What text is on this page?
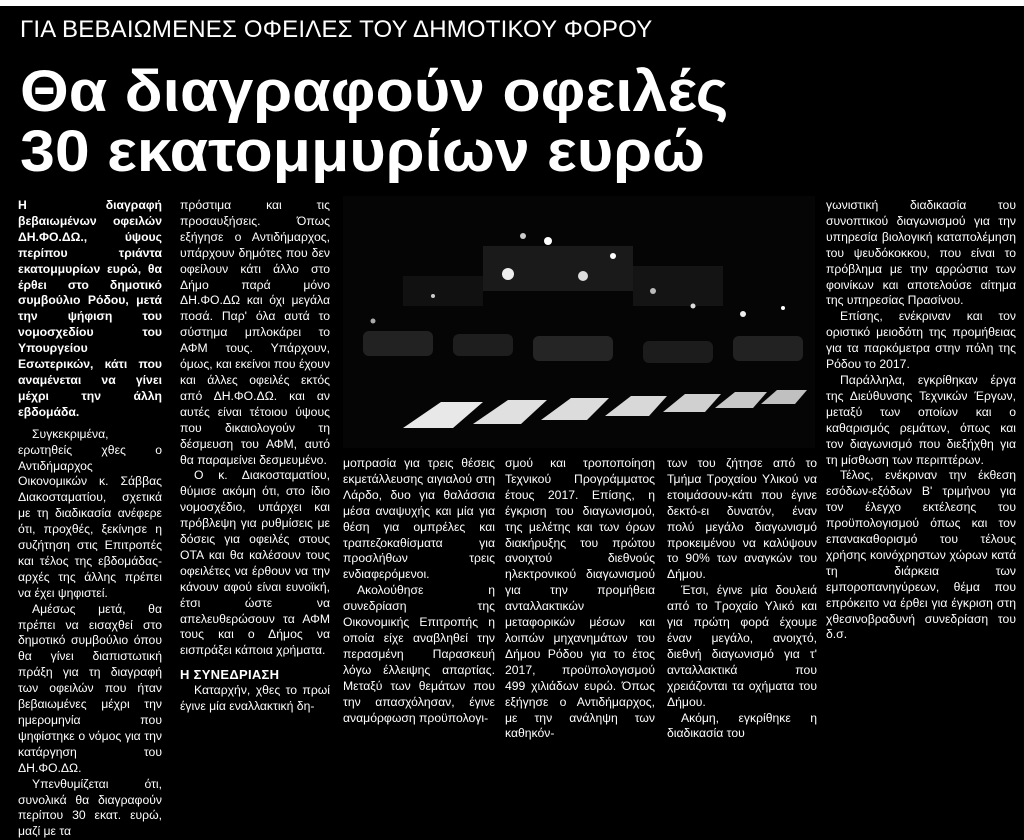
ΓΙΑ ΒΕΒΑΙΩΜΕΝΕΣ ΟΦΕΙΛΕΣ ΤΟΥ ΔΗΜΟΤΙΚΟΥ ΦΟΡΟΥ
Θα διαγραφούν οφειλές
30 εκατομμυρίων ευρώ

Η διαγραφή βεβαιωμένων οφειλών ΔΗ.ΦΟ.ΔΩ., ύψους περίπου τριάντα εκατομμυρίων ευρώ, θα έρθει στο δημοτικό συμβούλιο Ρόδου, μετά την ψήφιση του νομοσχεδίου του Υπουργείου Εσωτερικών, κάτι που αναμένεται να γίνει μέχρι την άλλη εβδομάδα.

Συγκεκριμένα, ερωτηθείς χθες ο Αντιδήμαρχος Οικονομικών κ. Σάββας Διακοσταματίου, σχετικά με τη διαδικασία ανέφερε ότι, προχθές, ξεκίνησε η συζήτηση στις Επιτροπές και τέλος της εβδομάδας-αρχές της άλλης πρέπει να έχει ψηφιστεί.

Αμέσως μετά, θα πρέπει να εισαχθεί στο δημοτικό συμβούλιο όπου θα γίνει διαπιστωτική πράξη για τη διαγραφή των οφειλών που ήταν βεβαιωμένες μέχρι την ημερομηνία που ψηφίστηκε ο νόμος για την κατάργηση του ΔΗ.ΦΟ.ΔΩ.

Υπενθυμίζεται ότι, συνολικά θα διαγραφούν περίπου 30 εκατ. ευρώ, μαζί με τα

πρόστιμα και τις προσαυξήσεις. Όπως εξήγησε ο Αντιδήμαρχος, υπάρχουν δημότες που δεν οφείλουν κάτι άλλο στο Δήμο παρά μόνο ΔΗ.ΦΟ.ΔΩ και όχι μεγάλα ποσά. Παρ' όλα αυτά το σύστημα μπλοκάρει το ΑΦΜ τους. Υπάρχουν, όμως, και εκείνοι που έχουν και άλλες οφειλές εκτός από ΔΗ.ΦΟ.ΔΩ. και αν αυτές είναι τέτοιου ύψους που δικαιολογούν τη δέσμευση του ΑΦΜ, αυτό θα παραμείνει δεσμευμένο.

Ο κ. Διακοσταματίου, θύμισε ακόμη ότι, στο ίδιο νομοσχέδιο, υπάρχει και πρόβλεψη για ρυθμίσεις με δόσεις για οφειλές στους ΟΤΑ και θα καλέσουν τους οφειλέτες να έρθουν να την κάνουν αφού είναι ευνοϊκή, έτσι ώστε να απελευθερώσουν τα ΑΦΜ τους και ο Δήμος να εισπράξει κάποια χρήματα.

Η ΣΥΝΕΔΡΙΑΣΗ

Καταρχήν, χθες το πρωί έγινε μία εναλλακτική δη-

μοπρασία για τρεις θέσεις εκμετάλλευσης αιγιαλού στη Λάρδο, δυο για θαλάσσια μέσα αναψυχής και μία για θέση για ομπρέλες και τραπεζοκαθίσματα για προσλήθων τρεις ενδιαφερόμενοι.

Ακολούθησε η συνεδρίαση της Οικονομικής Επιτροπής η οποία είχε αναβληθεί την περασμένη Παρασκευή λόγω έλλειψης απαρτίας. Μεταξύ των θεμάτων που την απασχόλησαν, έγινε αναμόρφωση προϋπολογι-

σμού και τροποποίηση Τεχνικού Προγράμματος έτους 2017. Επίσης, η έγκριση του διαγωνισμού, της μελέτης και των όρων διακήρυξης του πρώτου ανοιχτού διεθνούς ηλεκτρονικού διαγωνισμού για την προμήθεια ανταλλακτικών μεταφορικών μέσων και λοιπών μηχανημάτων του Δήμου Ρόδου για το έτος 2017, προϋπολογισμού 499 χιλιάδων ευρώ. Όπως εξήγησε ο Αντιδήμαρχος, με την ανάληψη των καθηκόν-

των του ζήτησε από το Τμήμα Τροχαίου Υλικού να ετοιμάσουν-κάτι που έγινε δεκτό-ει δυνατόν, έναν πολύ μεγάλο διαγωνισμό προκειμένου να καλύψουν το 90% των αναγκών του Δήμου.

Έτσι, έγινε μία δουλειά από το Τροχαίο Υλικό και για πρώτη φορά έχουμε έναν μεγάλο, ανοιχτό, διεθνή διαγωνισμό για τ' ανταλλακτικά που χρειάζονται τα οχήματα του Δήμου.

Ακόμη, εγκρίθηκε η διαδικασία του

γωνιστική διαδικασία του συνοπτικού διαγωνισμού για την υπηρεσία βιολογική καταπολέμηση του ψευδόκοκκου, που είναι το πρόβλημα με την αρρώστια των φοινίκων και αποτελούσε αίτημα της υπηρεσίας Πρασίνου.

Επίσης, ενέκριναν και τον οριστικό μειοδότη της προμήθειας για τα παρκόμετρα στην πόλη της Ρόδου το 2017.

Παράλληλα, εγκρίθηκαν έργα της Διεύθυνσης Τεχνικών Έργων, μεταξύ των οποίων και ο καθαρισμός ρεμάτων, όπως και τον διαγωνισμό που διεξήχθη για τη μίσθωση των περιπτέρων.

Τέλος, ενέκριναν την έκθεση εσόδων-εξόδων Β' τριμήνου για τον έλεγχο εκτέλεσης του προϋπολογισμού όπως και τον επανακαθορισμό του τέλους χρήσης κοινόχρηστων χώρων κατά τη διάρκεια των εμποροπανηγύρεων, θέμα που επρόκειτο να έρθει για έγκριση στη χθεσινοβραδυνή συνεδρίαση του δ.σ.
